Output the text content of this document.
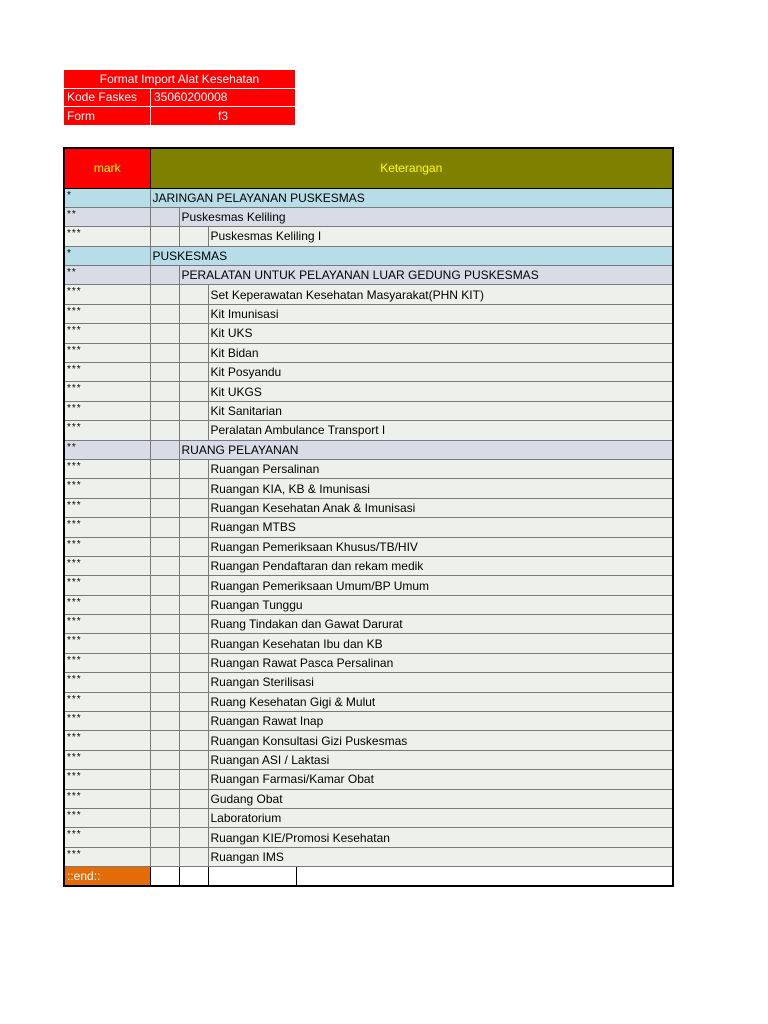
Format Import Alat Kesehatan	
Kode Faskes	35060200008
Form	f3
mark	Keterangan			
*	JARINGAN PELAYANAN PUSKESMAS			
**		Puskesmas Keliling		
***			Puskesmas Keliling I	
*	PUSKESMAS			
**		PERALATAN UNTUK PELAYANAN LUAR GEDUNG PUSKESMAS		
***			Set Keperawatan Kesehatan Masyarakat(PHN KIT)	
***			Kit Imunisasi	
***			Kit UKS	
***			Kit Bidan	
***			Kit Posyandu	
***			Kit UKGS	
***			Kit Sanitarian	
***			Peralatan Ambulance Transport I	
**		RUANG PELAYANAN		
***			Ruangan Persalinan	
***			Ruangan KIA, KB & Imunisasi	
***			Ruangan Kesehatan Anak & Imunisasi	
***			Ruangan MTBS	
***			Ruangan Pemeriksaan Khusus/TB/HIV	
***			Ruangan Pendaftaran dan rekam medik	
***			Ruangan Pemeriksaan Umum/BP Umum	
***			Ruangan Tunggu	
***			Ruang Tindakan dan Gawat Darurat	
***			Ruangan Kesehatan Ibu dan KB	
***			Ruangan Rawat Pasca Persalinan	
***			Ruangan Sterilisasi	
***			Ruang Kesehatan Gigi & Mulut	
***			Ruangan Rawat Inap	
***			Ruangan Konsultasi Gizi Puskesmas	
***			Ruangan ASI / Laktasi	
***			Ruangan Farmasi/Kamar Obat	
***			Gudang Obat	
***			Laboratorium	
***			Ruangan KIE/Promosi Kesehatan	
***			Ruangan IMS	
::end::				
